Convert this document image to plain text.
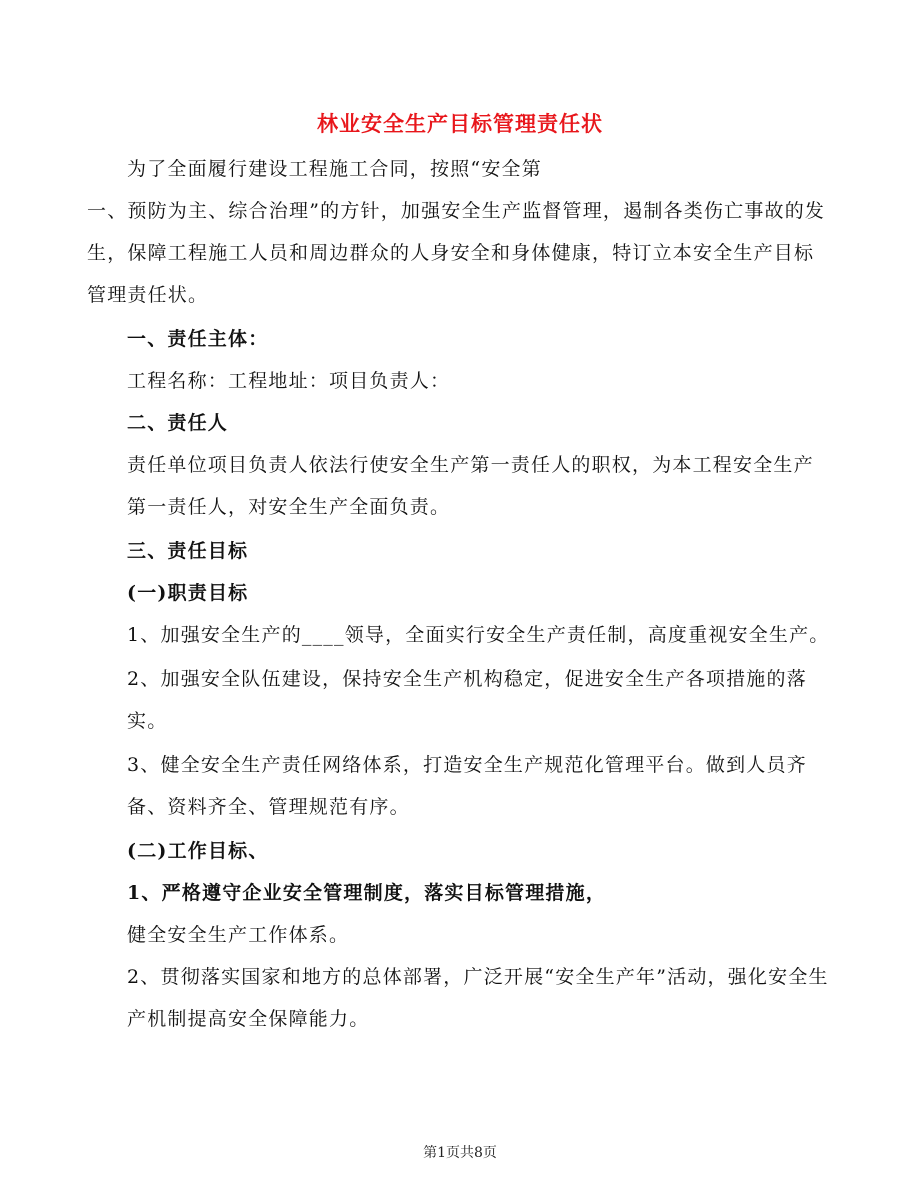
林业安全生产目标管理责任状

为了全面履行建设工程施工合同，按照“安全第

一、预防为主、综合治理”的方针，加强安全生产监督管理，遏制各类伤亡事故的发生，保障工程施工人员和周边群众的人身安全和身体健康，特订立本安全生产目标管理责任状。

一、责任主体：

工程名称：工程地址：项目负责人：

二、责任人

责任单位项目负责人依法行使安全生产第一责任人的职权，为本工程安全生产第一责任人，对安全生产全面负责。

三、责任目标

(一)职责目标

1、加强安全生产的____领导，全面实行安全生产责任制，高度重视安全生产。

2、加强安全队伍建设，保持安全生产机构稳定，促进安全生产各项措施的落实。

3、健全安全生产责任网络体系，打造安全生产规范化管理平台。做到人员齐备、资料齐全、管理规范有序。

(二)工作目标、

1、严格遵守企业安全管理制度，落实目标管理措施，

健全安全生产工作体系。

2、贯彻落实国家和地方的总体部署，广泛开展“安全生产年”活动，强化安全生产机制提高安全保障能力。

第1页共8页
